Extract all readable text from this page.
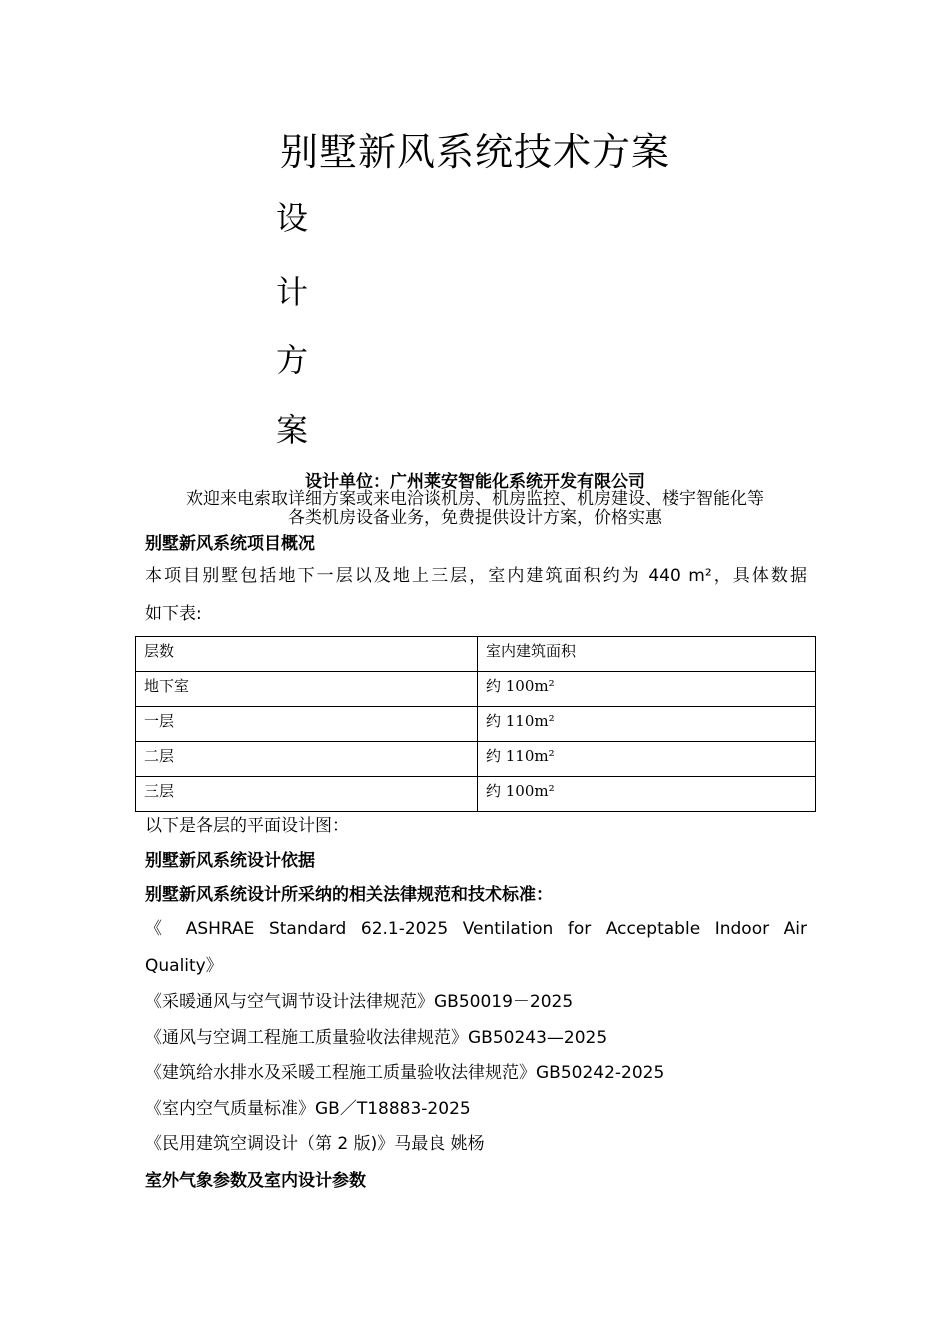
别墅新风系统技术方案
设
计
方
案
设计单位：广州莱安智能化系统开发有限公司
欢迎来电索取详细方案或来电洽谈机房、机房监控、机房建设、楼宇智能化等
各类机房设备业务，免费提供设计方案，价格实惠
别墅新风系统项目概况
本项目别墅包括地下一层以及地上三层，室内建筑面积约为 440 m²，具体数据
如下表:
层数	室内建筑面积
地下室	约 100m²
一层	约 110m²
二层	约 110m²
三层	约 100m²
以下是各层的平面设计图：
别墅新风系统设计依据
别墅新风系统设计所采纳的相关法律规范和技术标准：
《 ASHRAE Standard 62.1-2025 Ventilation for Acceptable Indoor Air
Quality》
《采暖通风与空气调节设计法律规范》GB50019－2025
《通风与空调工程施工质量验收法律规范》GB50243—2025
《建筑给水排水及采暖工程施工质量验收法律规范》GB50242-2025
《室内空气质量标准》GB／T18883-2025
《民用建筑空调设计（第 2 版)》马最良 姚杨
室外气象参数及室内设计参数
